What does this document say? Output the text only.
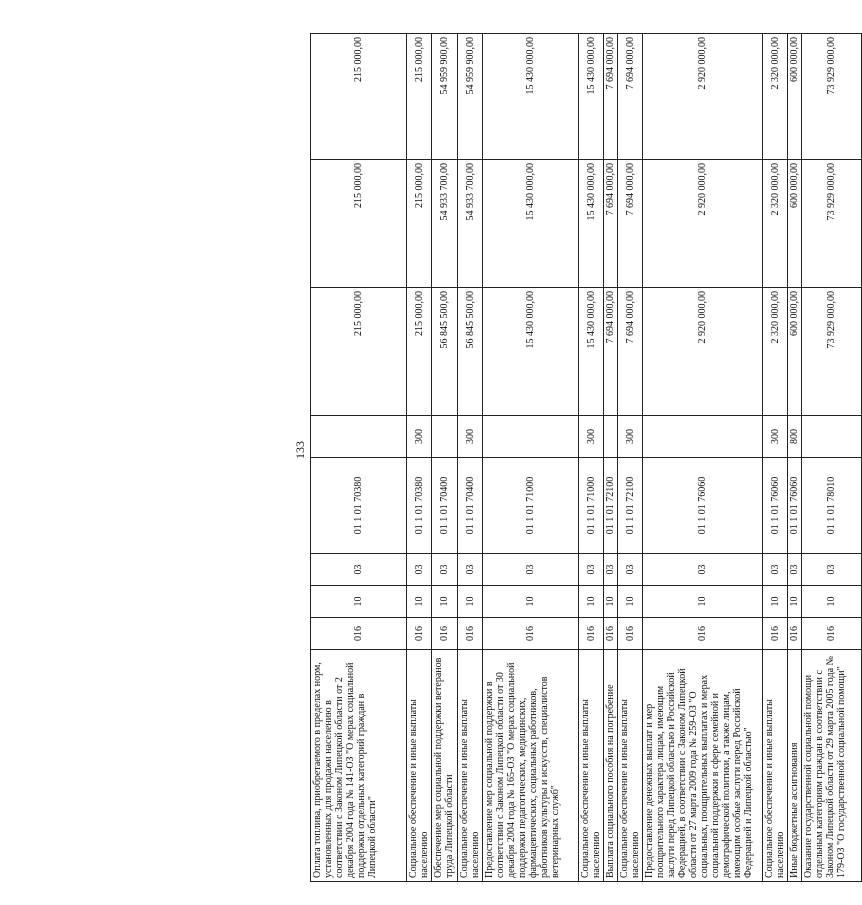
133
Оплата топлива, приобретаемого в пределах норм, установленных для продажи населению в соответствии с Законом Липецкой области от 2 декабря 2004 года № 141-ОЗ "О мерах социальной поддержки отдельных категорий граждан в Липецкой области"	016	10	03	01 1 01 70380		215 000,00	215 000,00	215 000,00
Социальное обеспечение и иные выплаты населению	016	10	03	01 1 01 70380	300	215 000,00	215 000,00	215 000,00
Обеспечение мер социальной поддержки ветеранов труда Липецкой области	016	10	03	01 1 01 70400		56 845 500,00	54 933 700,00	54 959 900,00
Социальное обеспечение и иные выплаты населению	016	10	03	01 1 01 70400	300	56 845 500,00	54 933 700,00	54 959 900,00
Предоставление мер социальной поддержки в соответствии с Законом Липецкой области от 30 декабря 2004 года № 165-ОЗ "О мерах социальной поддержки педагогических, медицинских, фармацевтических, социальных работников, работников культуры и искусств, специалистов ветеринарных служб"	016	10	03	01 1 01 71000		15 430 000,00	15 430 000,00	15 430 000,00
Социальное обеспечение и иные выплаты населению	016	10	03	01 1 01 71000	300	15 430 000,00	15 430 000,00	15 430 000,00
Выплата социального пособия на погребение	016	10	03	01 1 01 72100		7 694 000,00	7 694 000,00	7 694 000,00
Социальное обеспечение и иные выплаты населению	016	10	03	01 1 01 72100	300	7 694 000,00	7 694 000,00	7 694 000,00
Предоставление денежных выплат и мер поощрительного характера лицам, имеющим заслуги перед Липецкой областью и Российской Федерацией, в соответствии с Законом Липецкой области от 27 марта 2009 года № 259-ОЗ "О социальных, поощрительных выплатах и мерах социальной поддержки в сфере семейной и демографической политики, а также лицам, имеющим особые заслуги перед Российской Федерацией и Липецкой областью"	016	10	03	01 1 01 76060		2 920 000,00	2 920 000,00	2 920 000,00
Социальное обеспечение и иные выплаты населению	016	10	03	01 1 01 76060	300	2 320 000,00	2 320 000,00	2 320 000,00
Иные бюджетные ассигнования	016	10	03	01 1 01 76060	800	600 000,00	600 000,00	600 000,00
Оказание государственной социальной помощи отдельным категориям граждан в соответствии с Законом Липецкой области от 29 марта 2005 года № 179-ОЗ "О государственной социальной помощи"	016	10	03	01 1 01 78010		73 929 000,00	73 929 000,00	73 929 000,00
